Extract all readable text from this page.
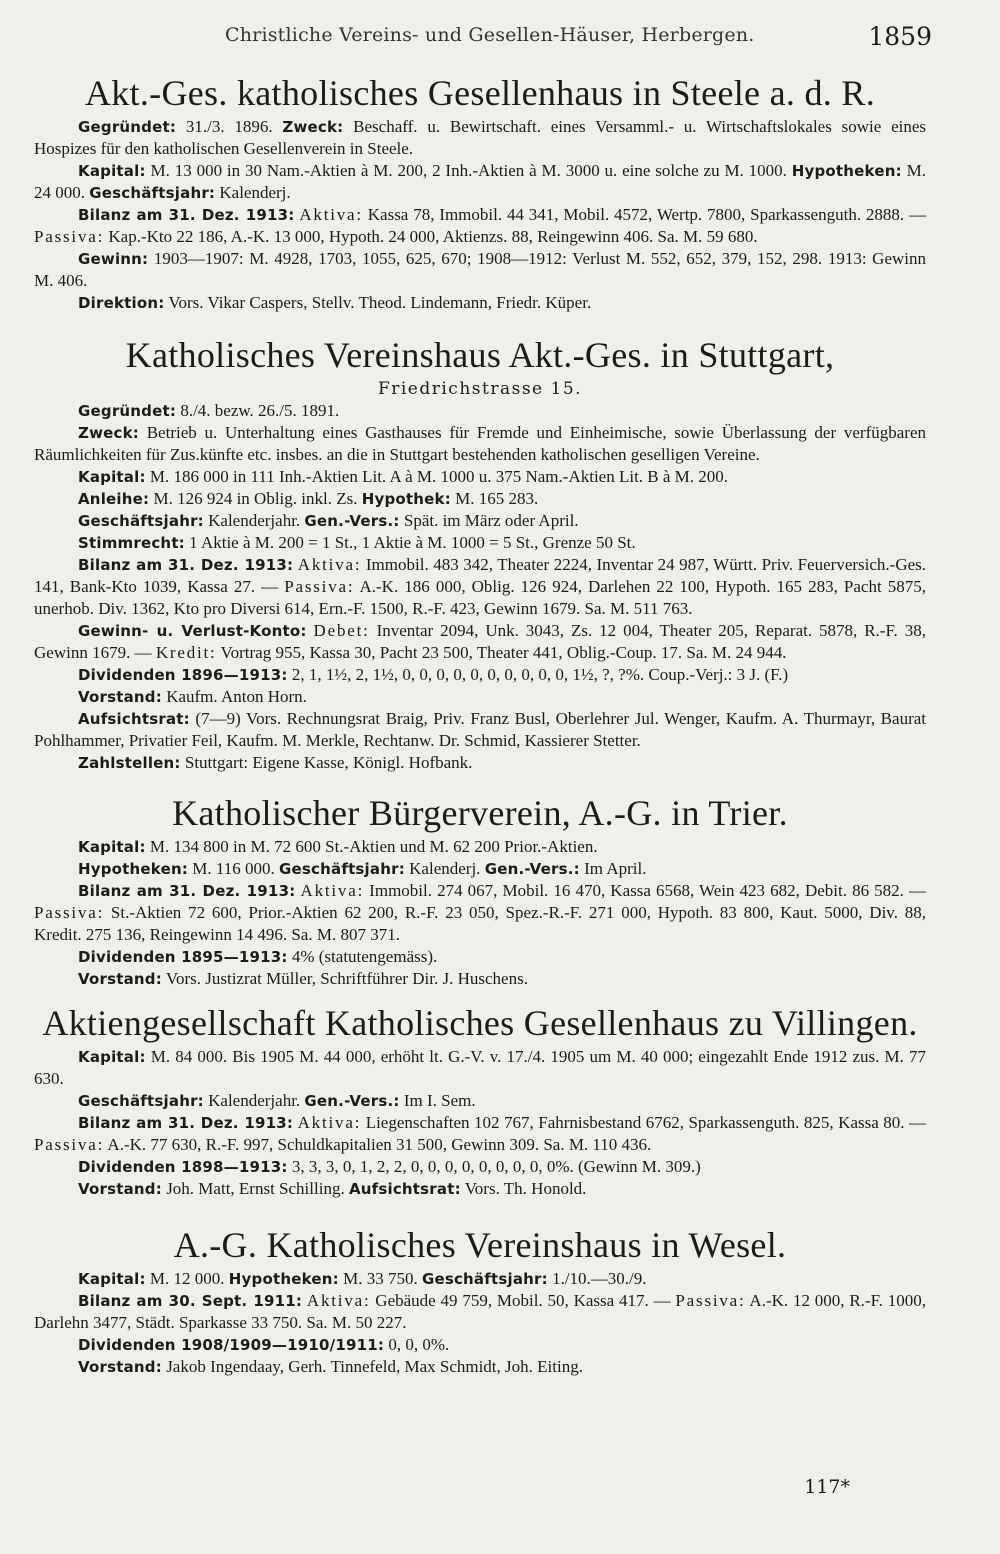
Christliche Vereins- und Gesellen-Häuser, Herbergen.	1859
Akt.-Ges. katholisches Gesellenhaus in Steele a. d. R.

Gegründet: 31./3. 1896. Zweck: Beschaff. u. Bewirtschaft. eines Versamml.- u. Wirtschaftslokales sowie eines Hospizes für den katholischen Gesellenverein in Steele.

Kapital: M. 13 000 in 30 Nam.-Aktien à M. 200, 2 Inh.-Aktien à M. 3000 u. eine solche zu M. 1000. Hypotheken: M. 24 000. Geschäftsjahr: Kalenderj.

Bilanz am 31. Dez. 1913: Aktiva: Kassa 78, Immobil. 44 341, Mobil. 4572, Wertp. 7800, Sparkassenguth. 2888. — Passiva: Kap.-Kto 22 186, A.-K. 13 000, Hypoth. 24 000, Aktienzs. 88, Reingewinn 406. Sa. M. 59 680.

Gewinn: 1903—1907: M. 4928, 1703, 1055, 625, 670; 1908—1912: Verlust M. 552, 652, 379, 152, 298. 1913: Gewinn M. 406.

Direktion: Vors. Vikar Caspers, Stellv. Theod. Lindemann, Friedr. Küper.

Katholisches Vereinshaus Akt.-Ges. in Stuttgart,
Friedrichstrasse 15.

Gegründet: 8./4. bezw. 26./5. 1891.

Zweck: Betrieb u. Unterhaltung eines Gasthauses für Fremde und Einheimische, sowie Überlassung der verfügbaren Räumlichkeiten für Zus.künfte etc. insbes. an die in Stuttgart bestehenden katholischen geselligen Vereine.

Kapital: M. 186 000 in 111 Inh.-Aktien Lit. A à M. 1000 u. 375 Nam.-Aktien Lit. B à M. 200.

Anleihe: M. 126 924 in Oblig. inkl. Zs. Hypothek: M. 165 283.

Geschäftsjahr: Kalenderjahr. Gen.-Vers.: Spät. im März oder April.

Stimmrecht: 1 Aktie à M. 200 = 1 St., 1 Aktie à M. 1000 = 5 St., Grenze 50 St.

Bilanz am 31. Dez. 1913: Aktiva: Immobil. 483 342, Theater 2224, Inventar 24 987, Württ. Priv. Feuerversich.-Ges. 141, Bank-Kto 1039, Kassa 27. — Passiva: A.-K. 186 000, Oblig. 126 924, Darlehen 22 100, Hypoth. 165 283, Pacht 5875, unerhob. Div. 1362, Kto pro Diversi 614, Ern.-F. 1500, R.-F. 423, Gewinn 1679. Sa. M. 511 763.

Gewinn- u. Verlust-Konto: Debet: Inventar 2094, Unk. 3043, Zs. 12 004, Theater 205, Reparat. 5878, R.-F. 38, Gewinn 1679. — Kredit: Vortrag 955, Kassa 30, Pacht 23 500, Theater 441, Oblig.-Coup. 17. Sa. M. 24 944.

Dividenden 1896—1913: 2, 1, 1½, 2, 1½, 0, 0, 0, 0, 0, 0, 0, 0, 0, 0, 1½, ?, ?%. Coup.-Verj.: 3 J. (F.)

Vorstand: Kaufm. Anton Horn.

Aufsichtsrat: (7—9) Vors. Rechnungsrat Braig, Priv. Franz Busl, Oberlehrer Jul. Wenger, Kaufm. A. Thurmayr, Baurat Pohlhammer, Privatier Feil, Kaufm. M. Merkle, Rechtanw. Dr. Schmid, Kassierer Stetter.

Zahlstellen: Stuttgart: Eigene Kasse, Königl. Hofbank.

Katholischer Bürgerverein, A.-G. in Trier.

Kapital: M. 134 800 in M. 72 600 St.-Aktien und M. 62 200 Prior.-Aktien.

Hypotheken: M. 116 000. Geschäftsjahr: Kalenderj. Gen.-Vers.: Im April.

Bilanz am 31. Dez. 1913: Aktiva: Immobil. 274 067, Mobil. 16 470, Kassa 6568, Wein 423 682, Debit. 86 582. — Passiva: St.-Aktien 72 600, Prior.-Aktien 62 200, R.-F. 23 050, Spez.-R.-F. 271 000, Hypoth. 83 800, Kaut. 5000, Div. 88, Kredit. 275 136, Reingewinn 14 496. Sa. M. 807 371.

Dividenden 1895—1913: 4% (statutengemäss).

Vorstand: Vors. Justizrat Müller, Schriftführer Dir. J. Huschens.

Aktiengesellschaft Katholisches Gesellenhaus zu Villingen.

Kapital: M. 84 000. Bis 1905 M. 44 000, erhöht lt. G.-V. v. 17./4. 1905 um M. 40 000; eingezahlt Ende 1912 zus. M. 77 630.

Geschäftsjahr: Kalenderjahr. Gen.-Vers.: Im I. Sem.

Bilanz am 31. Dez. 1913: Aktiva: Liegenschaften 102 767, Fahrnisbestand 6762, Sparkassenguth. 825, Kassa 80. — Passiva: A.-K. 77 630, R.-F. 997, Schuldkapitalien 31 500, Gewinn 309. Sa. M. 110 436.

Dividenden 1898—1913: 3, 3, 3, 0, 1, 2, 2, 0, 0, 0, 0, 0, 0, 0, 0, 0%. (Gewinn M. 309.)

Vorstand: Joh. Matt, Ernst Schilling. Aufsichtsrat: Vors. Th. Honold.

A.-G. Katholisches Vereinshaus in Wesel.

Kapital: M. 12 000. Hypotheken: M. 33 750. Geschäftsjahr: 1./10.—30./9.

Bilanz am 30. Sept. 1911: Aktiva: Gebäude 49 759, Mobil. 50, Kassa 417. — Passiva: A.-K. 12 000, R.-F. 1000, Darlehn 3477, Städt. Sparkasse 33 750. Sa. M. 50 227.

Dividenden 1908/1909—1910/1911: 0, 0, 0%.

Vorstand: Jakob Ingendaay, Gerh. Tinnefeld, Max Schmidt, Joh. Eiting.

117*
